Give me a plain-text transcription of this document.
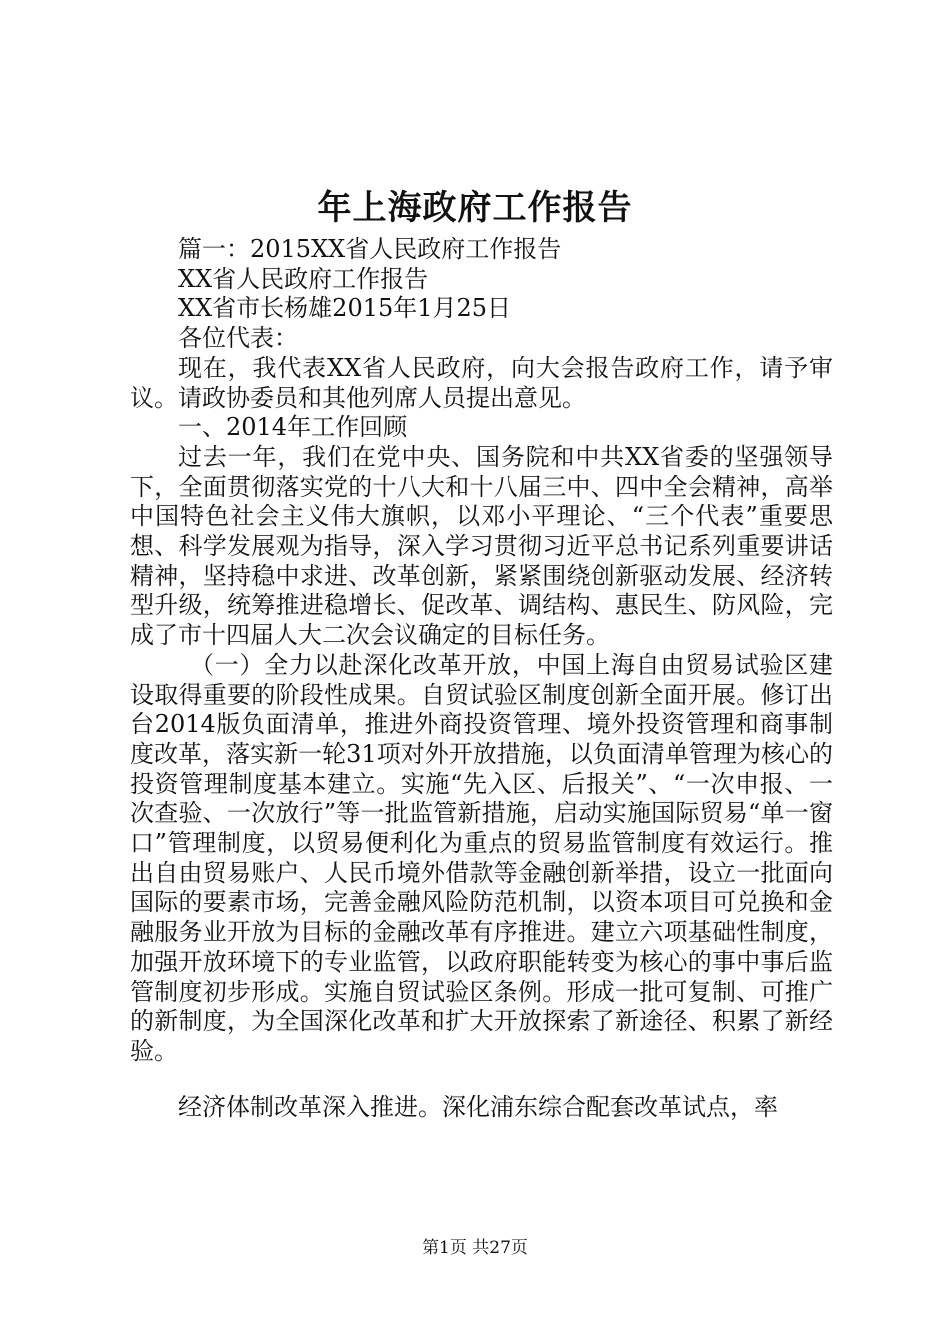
年上海政府工作报告

篇一：2015XX省人民政府工作报告

XX省人民政府工作报告

XX省市长杨雄2015年1月25日

各位代表：

现在，我代表XX省人民政府，向大会报告政府工作，请予审议。请政协委员和其他列席人员提出意见。

一、2014年工作回顾

过去一年，我们在党中央、国务院和中共XX省委的坚强领导下，全面贯彻落实党的十八大和十八届三中、四中全会精神，高举中国特色社会主义伟大旗帜，以邓小平理论、“三个代表”重要思想、科学发展观为指导，深入学习贯彻习近平总书记系列重要讲话精神，坚持稳中求进、改革创新，紧紧围绕创新驱动发展、经济转型升级，统筹推进稳增长、促改革、调结构、惠民生、防风险，完成了市十四届人大二次会议确定的目标任务。

（一）全力以赴深化改革开放，中国上海自由贸易试验区建设取得重要的阶段性成果。自贸试验区制度创新全面开展。修订出台2014版负面清单，推进外商投资管理、境外投资管理和商事制度改革，落实新一轮31项对外开放措施，以负面清单管理为核心的投资管理制度基本建立。实施“先入区、后报关”、“一次申报、一次查验、一次放行”等一批监管新措施，启动实施国际贸易“单一窗口”管理制度，以贸易便利化为重点的贸易监管制度有效运行。推出自由贸易账户、人民币境外借款等金融创新举措，设立一批面向国际的要素市场，完善金融风险防范机制，以资本项目可兑换和金融服务业开放为目标的金融改革有序推进。建立六项基础性制度，加强开放环境下的专业监管，以政府职能转变为核心的事中事后监管制度初步形成。实施自贸试验区条例。形成一批可复制、可推广的新制度，为全国深化改革和扩大开放探索了新途径、积累了新经验。

经济体制改革深入推进。深化浦东综合配套改革试点，率

第1页 共27页
